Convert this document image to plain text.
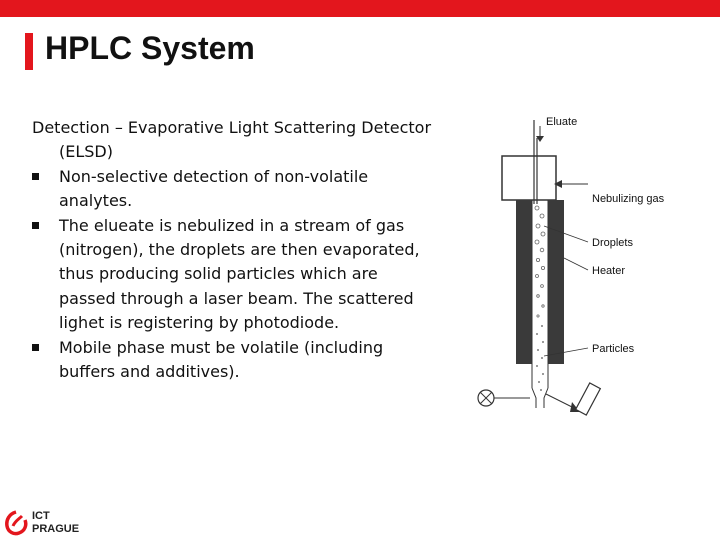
HPLC System

Detection – Evaporative Light Scattering Detector (ELSD)

Non-selective detection of non-volatile analytes.
The elueate is nebulized in a stream of gas (nitrogen), the droplets are then evaporated, thus producing solid particles which are passed through a laser beam. The scattered lighet is registering by photodiode.
Mobile phase must be volatile (including buffers and additives).
Eluate
Nebulizing gas
Droplets
Heater
Particles
ICT
PRAGUE
